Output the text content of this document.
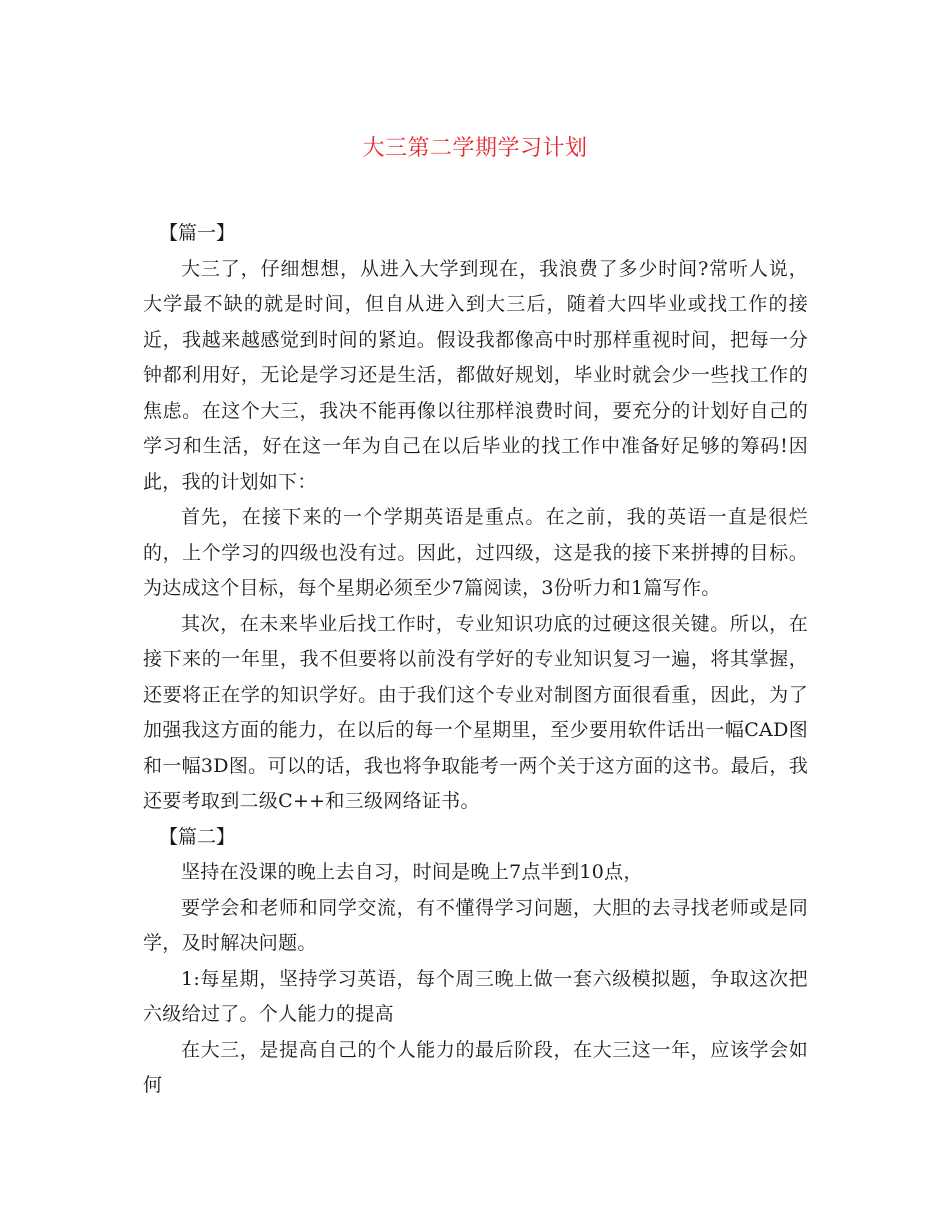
大三第二学期学习计划
【篇一】

大三了，仔细想想，从进入大学到现在，我浪费了多少时间?常听人说，大学最不缺的就是时间，但自从进入到大三后，随着大四毕业或找工作的接近，我越来越感觉到时间的紧迫。假设我都像高中时那样重视时间，把每一分钟都利用好，无论是学习还是生活，都做好规划，毕业时就会少一些找工作的焦虑。在这个大三，我决不能再像以往那样浪费时间，要充分的计划好自己的学习和生活，好在这一年为自己在以后毕业的找工作中准备好足够的筹码!因此，我的计划如下：

首先，在接下来的一个学期英语是重点。在之前，我的英语一直是很烂的，上个学习的四级也没有过。因此，过四级，这是我的接下来拼搏的目标。为达成这个目标，每个星期必须至少7篇阅读，3份听力和1篇写作。

其次，在未来毕业后找工作时，专业知识功底的过硬这很关键。所以，在接下来的一年里，我不但要将以前没有学好的专业知识复习一遍，将其掌握，还要将正在学的知识学好。由于我们这个专业对制图方面很看重，因此，为了加强我这方面的能力，在以后的每一个星期里，至少要用软件话出一幅CAD图和一幅3D图。可以的话，我也将争取能考一两个关于这方面的这书。最后，我还要考取到二级C++和三级网络证书。

【篇二】

坚持在没课的晚上去自习，时间是晚上7点半到10点，

要学会和老师和同学交流，有不懂得学习问题，大胆的去寻找老师或是同学，及时解决问题。

1:每星期，坚持学习英语，每个周三晚上做一套六级模拟题，争取这次把六级给过了。个人能力的提高

在大三，是提高自己的个人能力的最后阶段，在大三这一年，应该学会如何
